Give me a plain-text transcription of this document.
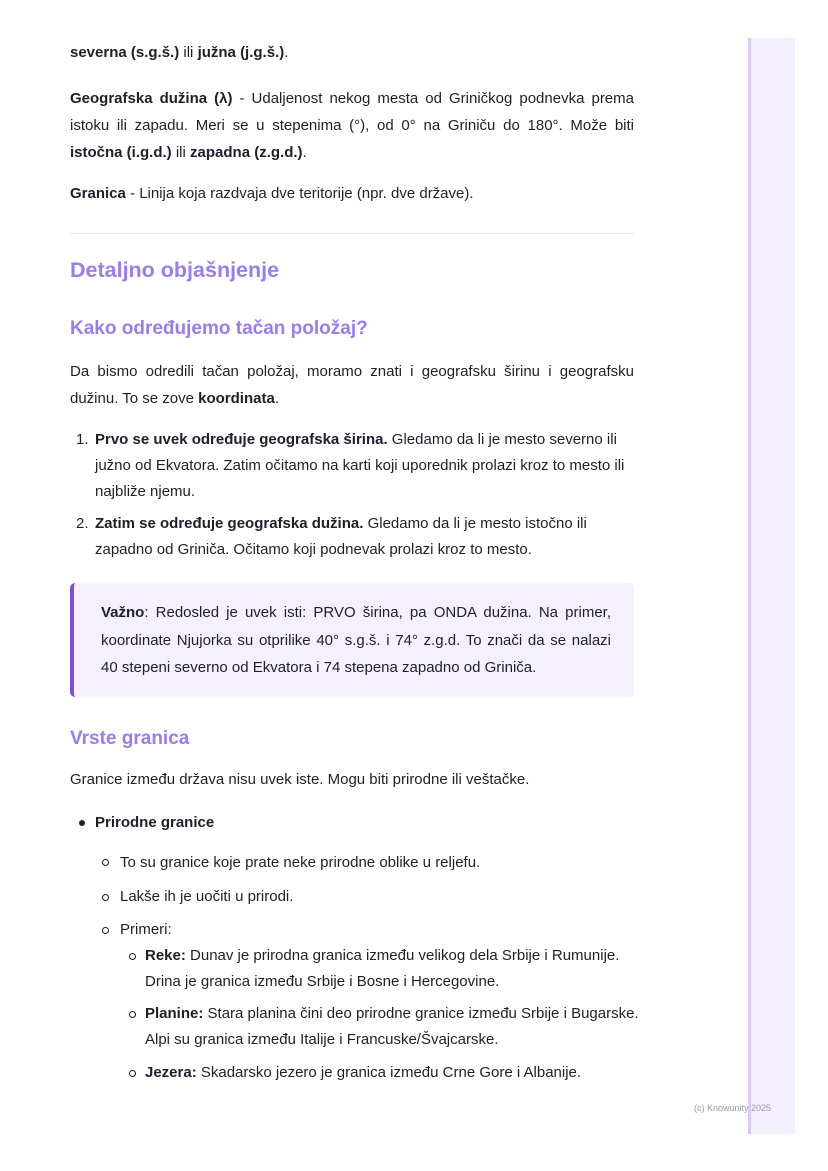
severna (s.g.š.) ili južna (j.g.š.).

Geografska dužina (λ) - Udaljenost nekog mesta od Griničkog podnevka prema istoku ili zapadu. Meri se u stepenima (°), od 0° na Griniču do 180°. Može biti istočna (i.g.d.) ili zapadna (z.g.d.).

Granica - Linija koja razdvaja dve teritorije (npr. dve države).

Detaljno objašnjenje
Kako određujemo tačan položaj?

Da bismo odredili tačan položaj, moramo znati i geografsku širinu i geografsku dužinu. To se zove koordinata.

1. Prvo se uvek određuje geografska širina. Gledamo da li je mesto severno ili južno od Ekvatora. Zatim očitamo na karti koji uporednik prolazi kroz to mesto ili najbliže njemu.
2. Zatim se određuje geografska dužina. Gledamo da li je mesto istočno ili zapadno od Griniča. Očitamo koji podnevak prolazi kroz to mesto.

Važno: Redosled je uvek isti: PRVO širina, pa ONDA dužina. Na primer, koordinate Njujorka su otprilike 40° s.g.š. i 74° z.g.d. To znači da se nalazi 40 stepeni severno od Ekvatora i 74 stepena zapadno od Griniča.

Vrste granica

Granice između država nisu uvek iste. Mogu biti prirodne ili veštačke.

Prirodne granice

To su granice koje prate neke prirodne oblike u reljefu.

Lakše ih je uočiti u prirodi.

Primeri:

Reke: Dunav je prirodna granica između velikog dela Srbije i Rumunije. Drina je granica između Srbije i Bosne i Hercegovine.

Planine: Stara planina čini deo prirodne granice između Srbije i Bugarske. Alpi su granica između Italije i Francuske/Švajcarske.

Jezera: Skadarsko jezero je granica između Crne Gore i Albanije.

(c) Knowunity 2025
